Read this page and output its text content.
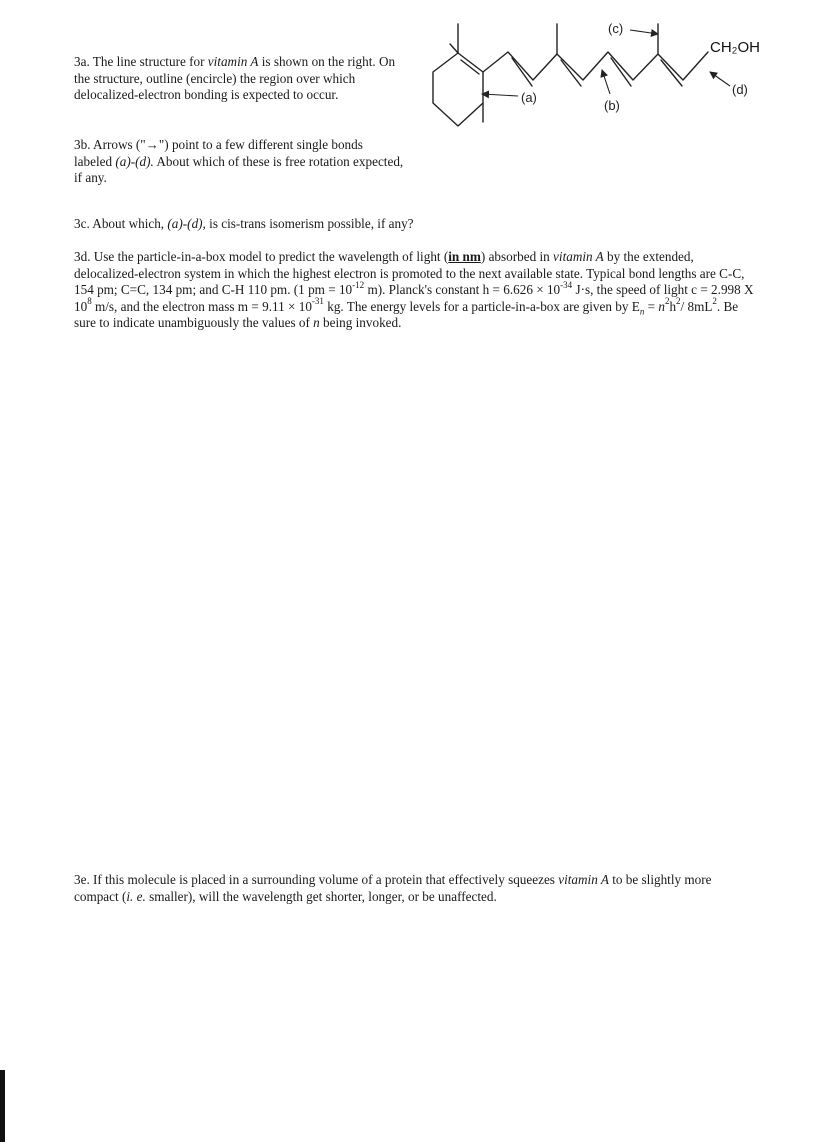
3a. The line structure for vitamin A is shown on the right. On the structure, outline (encircle) the region over which delocalized-electron bonding is expected to occur.

3b. Arrows ("→") point to a few different single bonds labeled (a)-(d). About which of these is free rotation expected, if any.

3c. About which, (a)-(d), is cis-trans isomerism possible, if any?

3d. Use the particle-in-a-box model to predict the wavelength of light (in nm) absorbed in vitamin A by the extended, delocalized-electron system in which the highest electron is promoted to the next available state. Typical bond lengths are C-C, 154 pm; C=C, 134 pm; and C-H 110 pm. (1 pm = $10^{-12}$ m). Planck's constant $h = 6.626 \times 10^{-34}$ J·s, the speed of light c = 2.998 X $10^8$ m/s, and the electron mass $m = 9.11 \times 10^{-31}$ kg. The energy levels for a particle-in-a-box are given by $E_n = n^2h^2/$ $8mL^2$. Be sure to indicate unambiguously the values of n being invoked.

3e. If this molecule is placed in a surrounding volume of a protein that effectively squeezes vitamin A to be slightly more compact (i. e. smaller), will the wavelength get shorter, longer, or be unaffected.

(a)
(b)
(c)
(d)
CH₂OH
